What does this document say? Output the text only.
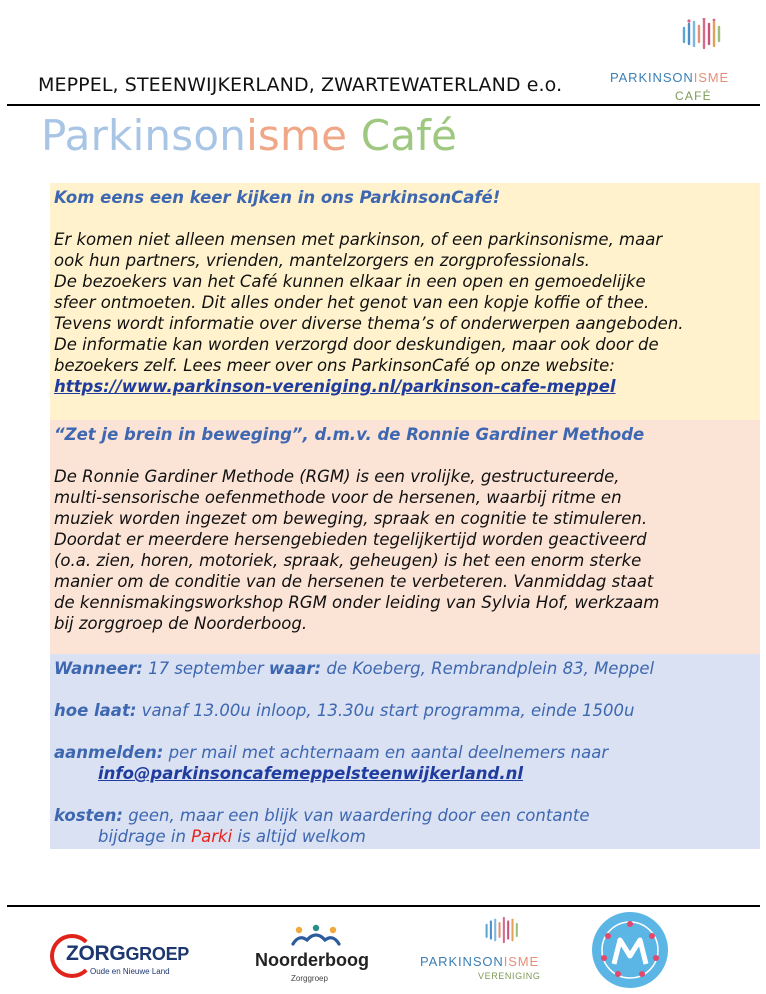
MEPPEL, STEENWIJKERLAND, ZWARTEWATERLAND e.o.	PARKINSONISME
CAFÉ
Parkinsonisme Café
Kom eens een keer kijken in ons ParkinsonCafé!
Er komen niet alleen mensen met parkinson, of een parkinsonisme, maar
ook hun partners, vrienden, mantelzorgers en zorgprofessionals.
De bezoekers van het Café kunnen elkaar in een open en gemoedelijke
sfeer ontmoeten. Dit alles onder het genot van een kopje koffie of thee.
Tevens wordt informatie over diverse thema’s of onderwerpen aangeboden.
De informatie kan worden verzorgd door deskundigen, maar ook door de
bezoekers zelf. Lees meer over ons ParkinsonCafé op onze website:
https://www.parkinson-vereniging.nl/parkinson-cafe-meppel
“Zet je brein in beweging”, d.m.v. de Ronnie Gardiner Methode
De Ronnie Gardiner Methode (RGM) is een vrolijke, gestructureerde,
multi-sensorische oefenmethode voor de hersenen, waarbij ritme en
muziek worden ingezet om beweging, spraak en cognitie te stimuleren.
Doordat er meerdere hersengebieden tegelijkertijd worden geactiveerd
(o.a. zien, horen, motoriek, spraak, geheugen) is het een enorm sterke
manier om de conditie van de hersenen te verbeteren. Vanmiddag staat
de kennismakingsworkshop RGM onder leiding van Sylvia Hof, werkzaam
bij zorggroep de Noorderboog.
Wanneer: 17 september waar: de Koeberg, Rembrandplein 83, Meppel
hoe laat: vanaf 13.00u inloop, 13.30u start programma, einde 1500u
aanmelden: per mail met achternaam en aantal deelnemers naar
info@parkinsoncafemeppelsteenwijkerland.nl
kosten: geen, maar een blijk van waardering door een contante
bijdrage in Parki is altijd welkom
ZORGGROEP
Oude en Nieuwe Land
Noorderboog
Zorggroep
PARKINSONISME
VERENIGING
